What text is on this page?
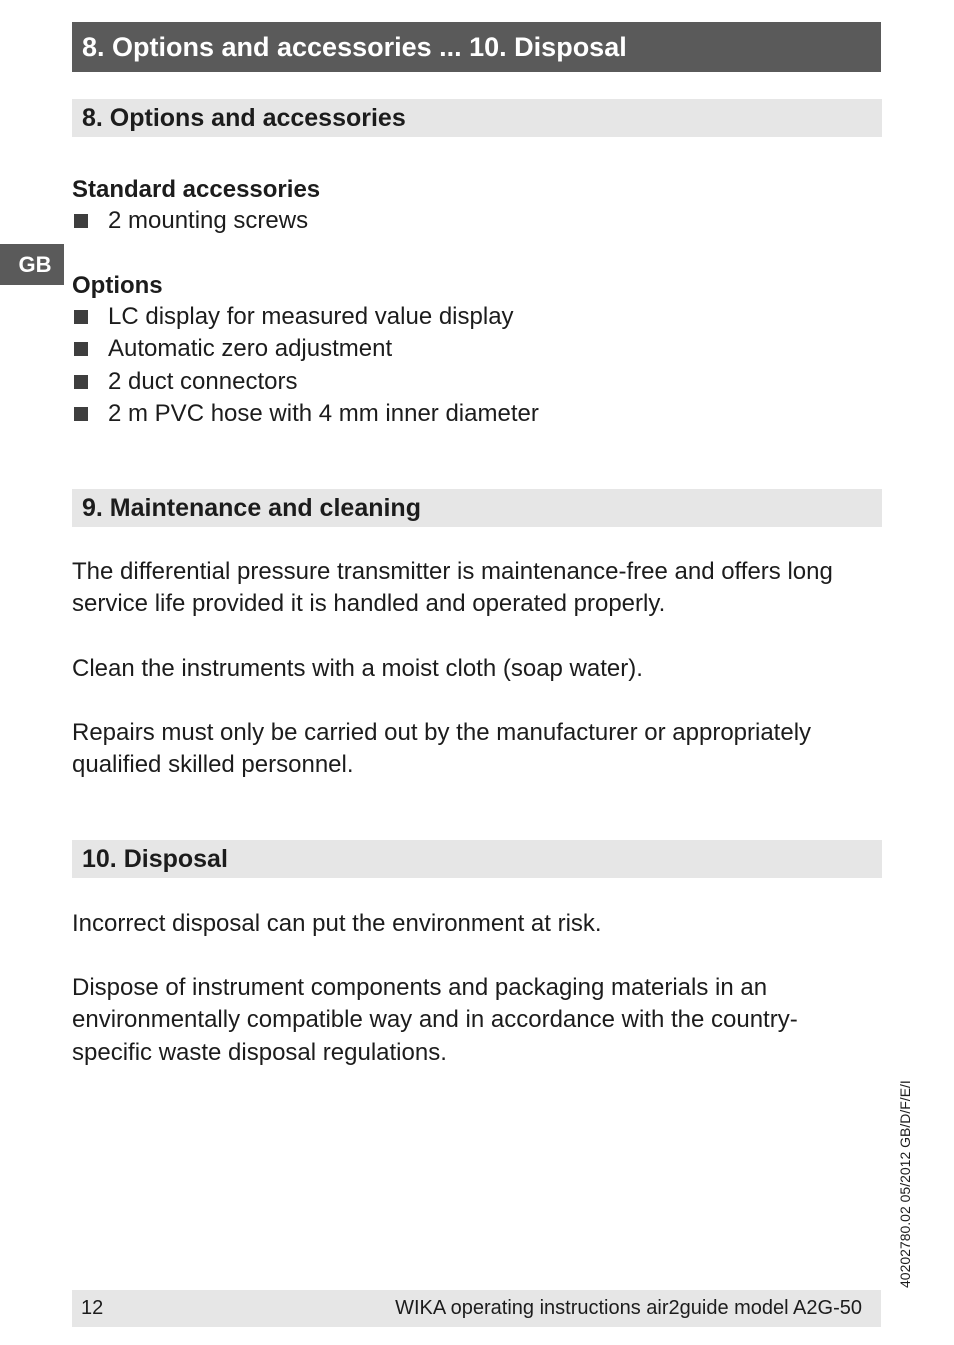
8. Options and accessories ... 10. Disposal
GB
8. Options and accessories
Standard accessories
2 mounting screws
Options
LC display for measured value display
Automatic zero adjustment
2 duct connectors
2 m PVC hose with 4 mm inner diameter
9. Maintenance and cleaning

The differential pressure transmitter is maintenance-free and offers long service life provided it is handled and operated properly.

Clean the instruments with a moist cloth (soap water).

Repairs must only be carried out by the manufacturer or appropriately qualified skilled personnel.

10. Disposal

Incorrect disposal can put the environment at risk.

Dispose of instrument components and packaging materials in an environmentally compatible way and in accordance with the country-specific waste disposal regulations.

40202780.02 05/2012 GB/D/F/E/I
12	WIKA operating instructions air2guide model A2G-50
